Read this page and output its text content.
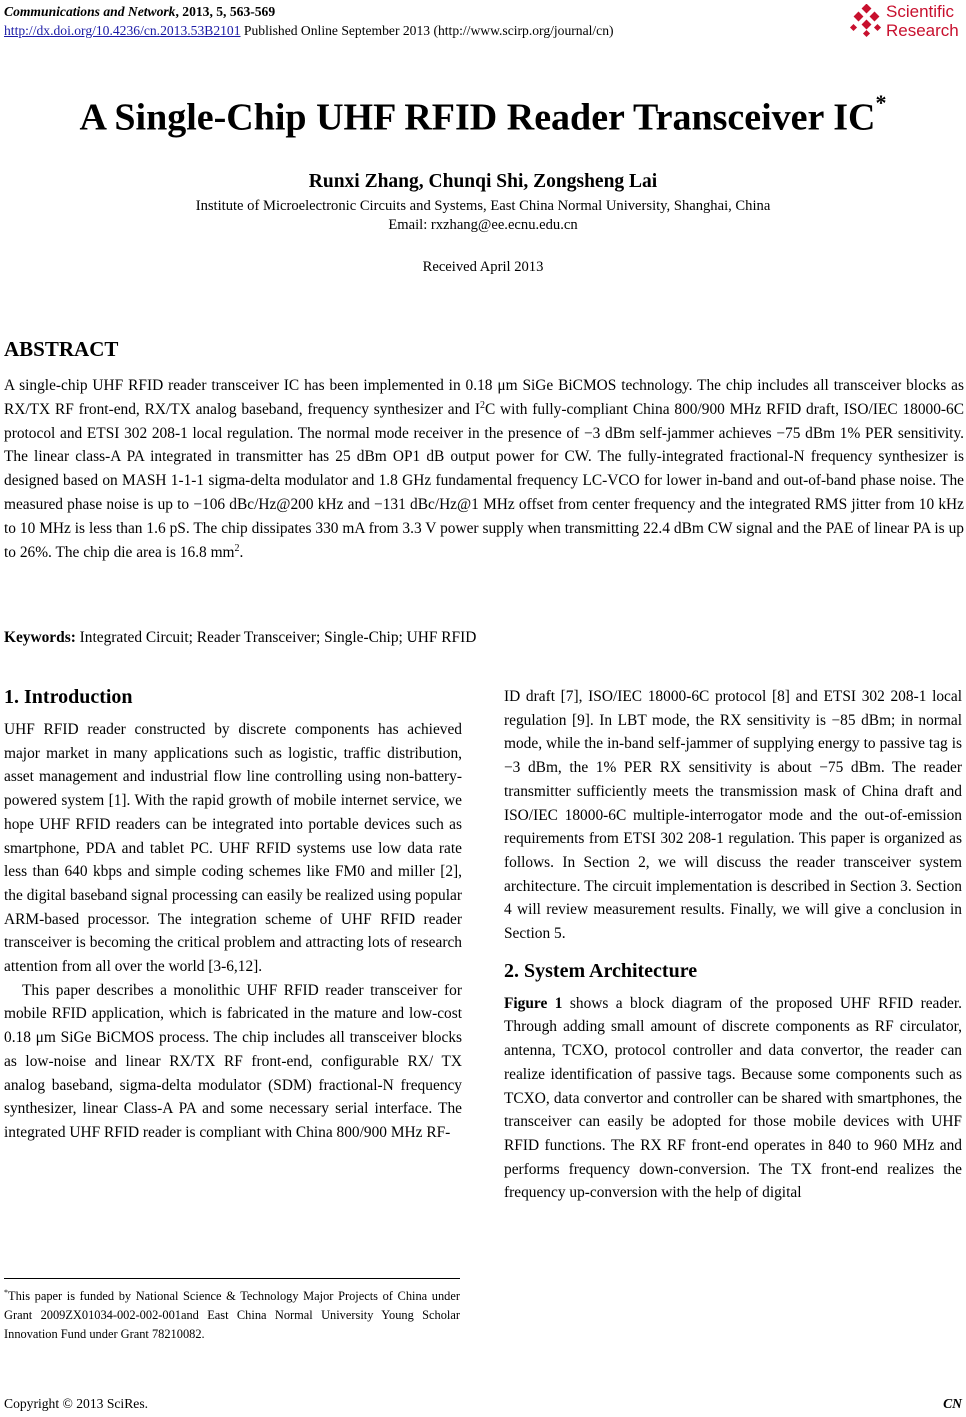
Communications and Network, 2013, 5, 563-569
http://dx.doi.org/10.4236/cn.2013.53B2101 Published Online September 2013 (http://www.scirp.org/journal/cn)
Scientific
Research
A Single-Chip UHF RFID Reader Transceiver IC*
Runxi Zhang, Chunqi Shi, Zongsheng Lai
Institute of Microelectronic Circuits and Systems, East China Normal University, Shanghai, China
Email: rxzhang@ee.ecnu.edu.cn
Received April 2013
ABSTRACT
A single-chip UHF RFID reader transceiver IC has been implemented in 0.18 μm SiGe BiCMOS technology. The chip includes all transceiver blocks as RX/TX RF front-end, RX/TX analog baseband, frequency synthesizer and $I^2C$ with fully-compliant China 800/900 MHz RFID draft, ISO/IEC 18000-6C protocol and ETSI 302 208-1 local regulation. The normal mode receiver in the presence of −3 dBm self-jammer achieves −75 dBm 1% PER sensitivity. The linear class-A PA integrated in transmitter has 25 dBm OP1 dB output power for CW. The fully-integrated fractional-N frequency synthesizer is designed based on MASH 1-1-1 sigma-delta modulator and 1.8 GHz fundamental frequency LC-VCO for lower in-band and out-of-band phase noise. The measured phase noise is up to −106 dBc/Hz@200 kHz and −131 dBc/Hz@1 MHz offset from center frequency and the integrated RMS jitter from 10 kHz to 10 MHz is less than 1.6 pS. The chip dissipates 330 mA from 3.3 V power supply when transmitting 22.4 dBm CW signal and the PAE of linear PA is up to 26%. The chip die area is 16.8 $mm^2$.
Keywords: Integrated Circuit; Reader Transceiver; Single-Chip; UHF RFID
1. Introduction

UHF RFID reader constructed by discrete components has achieved major market in many applications such as logistic, traffic distribution, asset management and industrial flow line controlling using non-battery-powered system [1]. With the rapid growth of mobile internet service, we hope UHF RFID readers can be integrated into portable devices such as smartphone, PDA and tablet PC. UHF RFID systems use low data rate less than 640 kbps and simple coding schemes like FM0 and miller [2], the digital baseband signal processing can easily be realized using popular ARM-based processor. The integration scheme of UHF RFID reader transceiver is becoming the critical problem and attracting lots of research attention from all over the world [3-6,12].

This paper describes a monolithic UHF RFID reader transceiver for mobile RFID application, which is fabricated in the mature and low-cost 0.18 μm SiGe BiCMOS process. The chip includes all transceiver blocks as low-noise and linear RX/TX RF front-end, configurable RX/ TX analog baseband, sigma-delta modulator (SDM) fractional-N frequency synthesizer, linear Class-A PA and some necessary serial interface. The integrated UHF RFID reader is compliant with China 800/900 MHz RF-

ID draft [7], ISO/IEC 18000-6C protocol [8] and ETSI 302 208-1 local regulation [9]. In LBT mode, the RX sensitivity is −85 dBm; in normal mode, while the in-band self-jammer of supplying energy to passive tag is −3 dBm, the 1% PER RX sensitivity is about −75 dBm. The reader transmitter sufficiently meets the transmission mask of China draft and ISO/IEC 18000-6C multiple-interrogator mode and the out-of-emission requirements from ETSI 302 208-1 regulation. This paper is organized as follows. In Section 2, we will discuss the reader transceiver system architecture. The circuit implementation is described in Section 3. Section 4 will review measurement results. Finally, we will give a conclusion in Section 5.

2. System Architecture

Figure 1 shows a block diagram of the proposed UHF RFID reader. Through adding small amount of discrete components as RF circulator, antenna, TCXO, protocol controller and data convertor, the reader can realize identification of passive tags. Because some components such as TCXO, data convertor and controller can be shared with smartphones, the transceiver can easily be adopted for those mobile devices with UHF RFID functions. The RX RF front-end operates in 840 to 960 MHz and performs frequency down-conversion. The TX front-end realizes the frequency up-conversion with the help of digital

*This paper is funded by National Science & Technology Major Projects of China under Grant 2009ZX01034-002-002-001and East China Normal University Young Scholar Innovation Fund under Grant 78210082.
Copyright © 2013 SciRes.	CN
